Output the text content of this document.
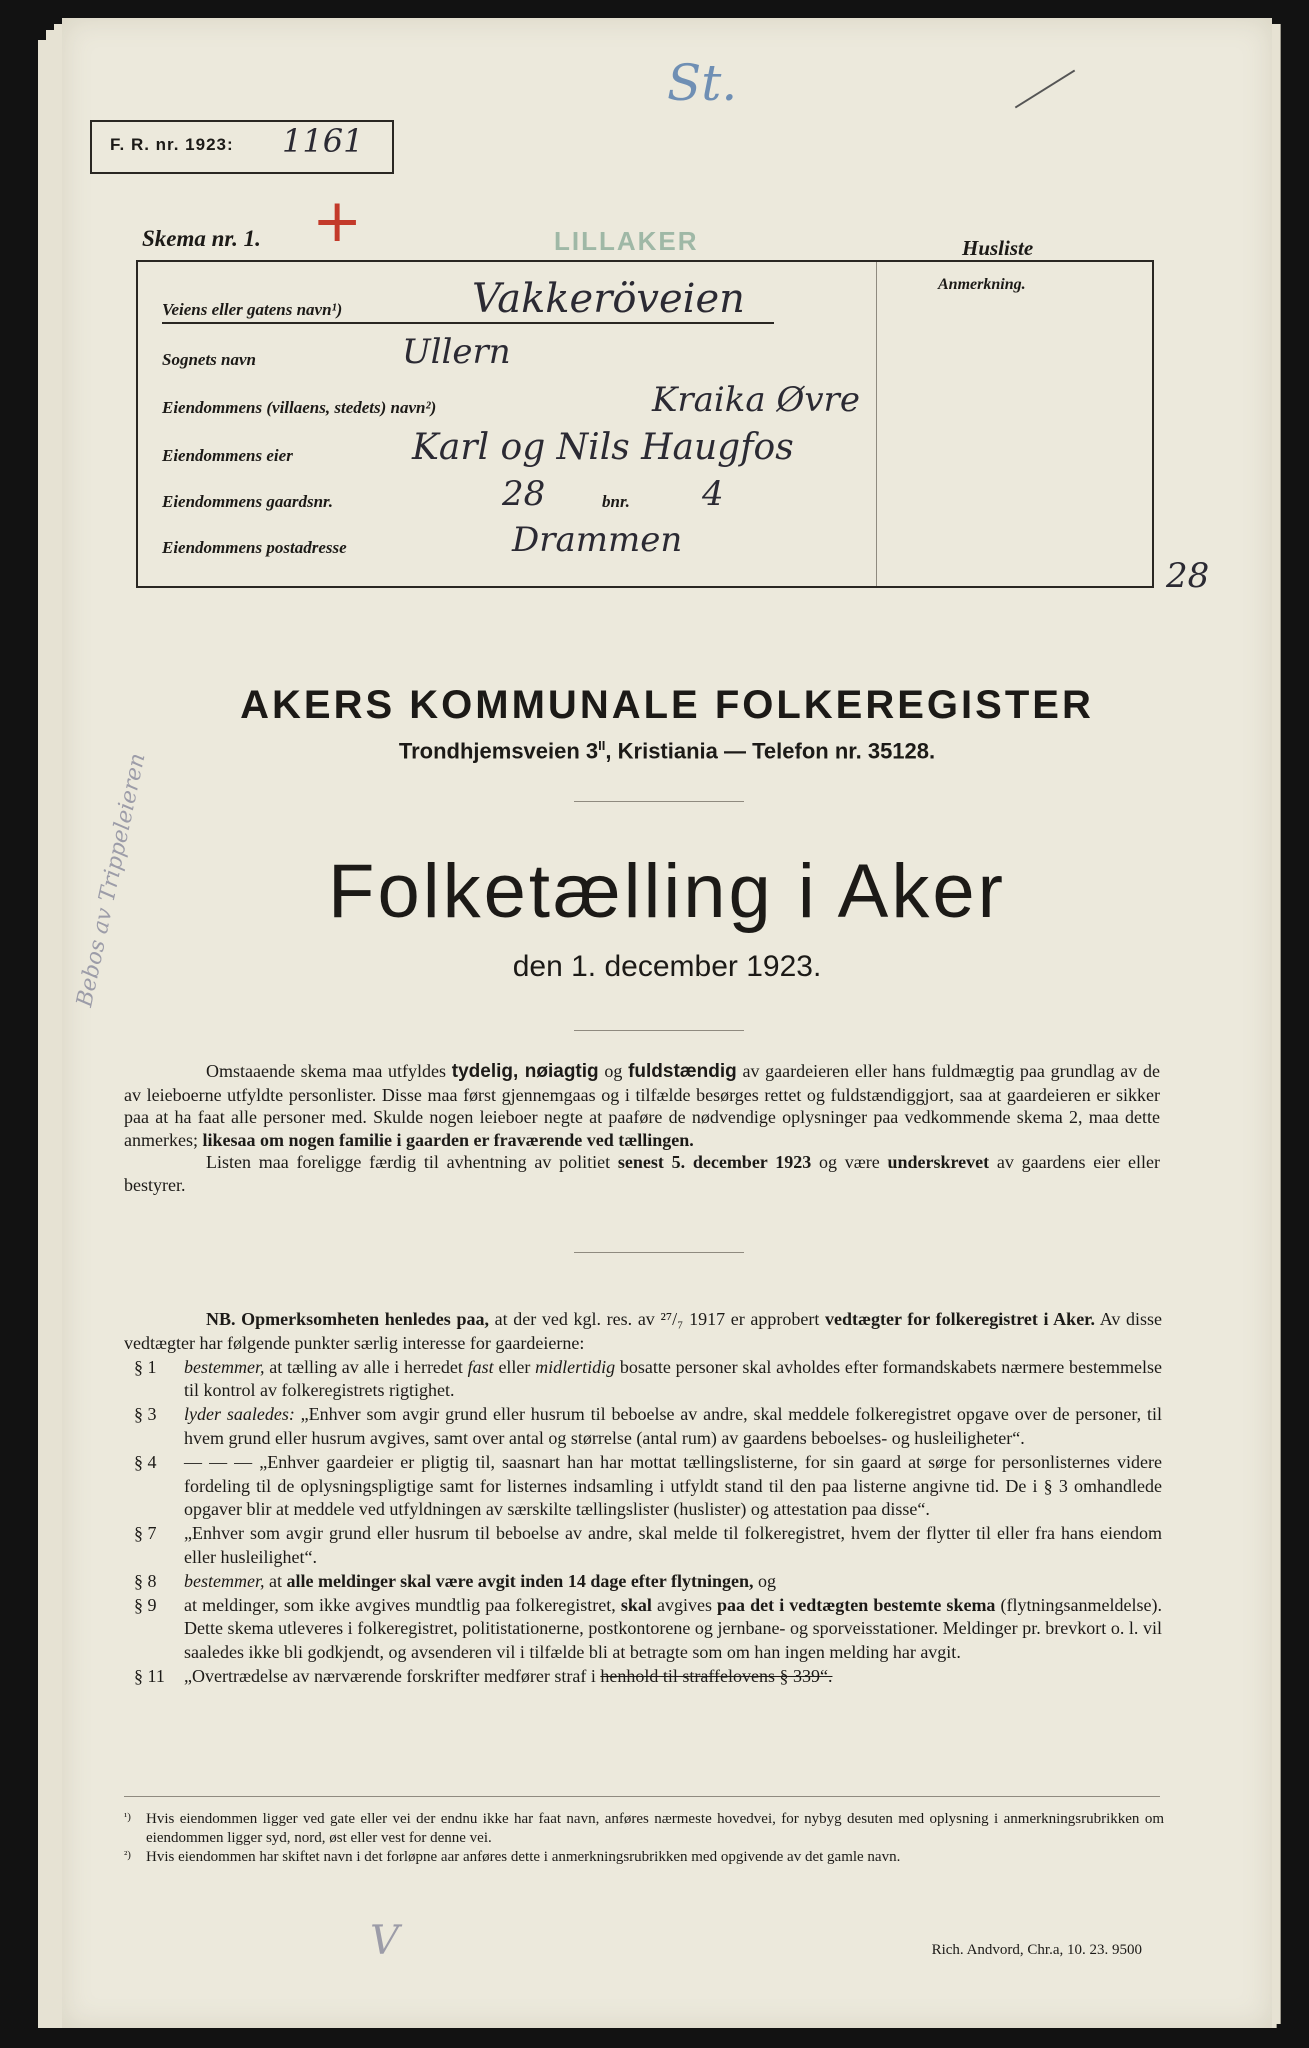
F. R. nr. 1923: 1161
St.
LILLAKER
Skema nr. 1. +	Husliste
Anmerkning.
Veiens eller gatens navn¹)	Vakkeröveien
Sognets navn	Ullern
Eiendommens (villaens, stedets) navn²)	Kraika Øvre
Eiendommens eier	Karl og Nils Haugfos
Eiendommens gaardsnr.	28	bnr. 4
Eiendommens postadresse	Drammen
28
Bebos av Trippeleieren
AKERS KOMMUNALE FOLKEREGISTER
Trondhjemsveien $3^{II}$, Kristiania — Telefon nr. 35128.
Folketælling i Aker
den 1. december 1923.
Omstaaende skema maa utfyldes tydelig, nøiagtig og fuldstændig av gaardeieren eller hans fuldmægtig paa grundlag av de av leieboerne utfyldte personlister. Disse maa først gjennemgaas og i tilfælde besørges rettet og fuldstændiggjort, saa at gaardeieren er sikker paa at ha faat alle personer med. Skulde nogen leieboer negte at paaføre de nødvendige oplysninger paa vedkommende skema 2, maa dette anmerkes; likesaa om nogen familie i gaarden er fraværende ved tællingen.
Listen maa foreligge færdig til avhentning av politiet senest 5. december 1923 og være underskrevet av gaardens eier eller bestyrer.
NB. Opmerksomheten henledes paa, at der ved kgl. res. av ²⁷/₇ 1917 er approbert vedtægter for folkeregistret i Aker. Av disse vedtægter har følgende punkter særlig interesse for gaardeierne:
§ 1 bestemmer, at tælling av alle i herredet fast eller midlertidig bosatte personer skal avholdes efter formandskabets nærmere bestemmelse til kontrol av folkeregistrets rigtighet.
§ 3 lyder saaledes: „Enhver som avgir grund eller husrum til beboelse av andre, skal meddele folkeregistret opgave over de personer, til hvem grund eller husrum avgives, samt over antal og størrelse (antal rum) av gaardens beboelses- og husleiligheter“.
§ 4 — — — „Enhver gaardeier er pligtig til, saasnart han har mottat tællingslisterne, for sin gaard at sørge for personlisternes videre fordeling til de oplysningspligtige samt for listernes indsamling i utfyldt stand til den paa listerne angivne tid. De i § 3 omhandlede opgaver blir at meddele ved utfyldningen av særskilte tællingslister (huslister) og attestation paa disse“.
§ 7 „Enhver som avgir grund eller husrum til beboelse av andre, skal melde til folkeregistret, hvem der flytter til eller fra hans eiendom eller husleilighet“.
§ 8 bestemmer, at alle meldinger skal være avgit inden 14 dage efter flytningen, og
§ 9 at meldinger, som ikke avgives mundtlig paa folkeregistret, skal avgives paa det i vedtægten bestemte skema (flytningsanmeldelse). Dette skema utleveres i folkeregistret, politistationerne, postkontorene og jernbane- og sporveisstationer. Meldinger pr. brevkort o. l. vil saaledes ikke bli godkjendt, og avsenderen vil i tilfælde bli at betragte som om han ingen melding har avgit.
§ 11 „Overtrædelse av nærværende forskrifter medfører straf i henhold til straffelovens § 339“.

¹) Hvis eiendommen ligger ved gate eller vei der endnu ikke har faat navn, anføres nærmeste hovedvei, for nybyg desuten med oplysning i anmerkningsrubrikken om eiendommen ligger syd, nord, øst eller vest for denne vei.

²) Hvis eiendommen har skiftet navn i det forløpne aar anføres dette i anmerkningsrubrikken med opgivende av det gamle navn.

V	Rich. Andvord, Chr.a, 10. 23. 9500
